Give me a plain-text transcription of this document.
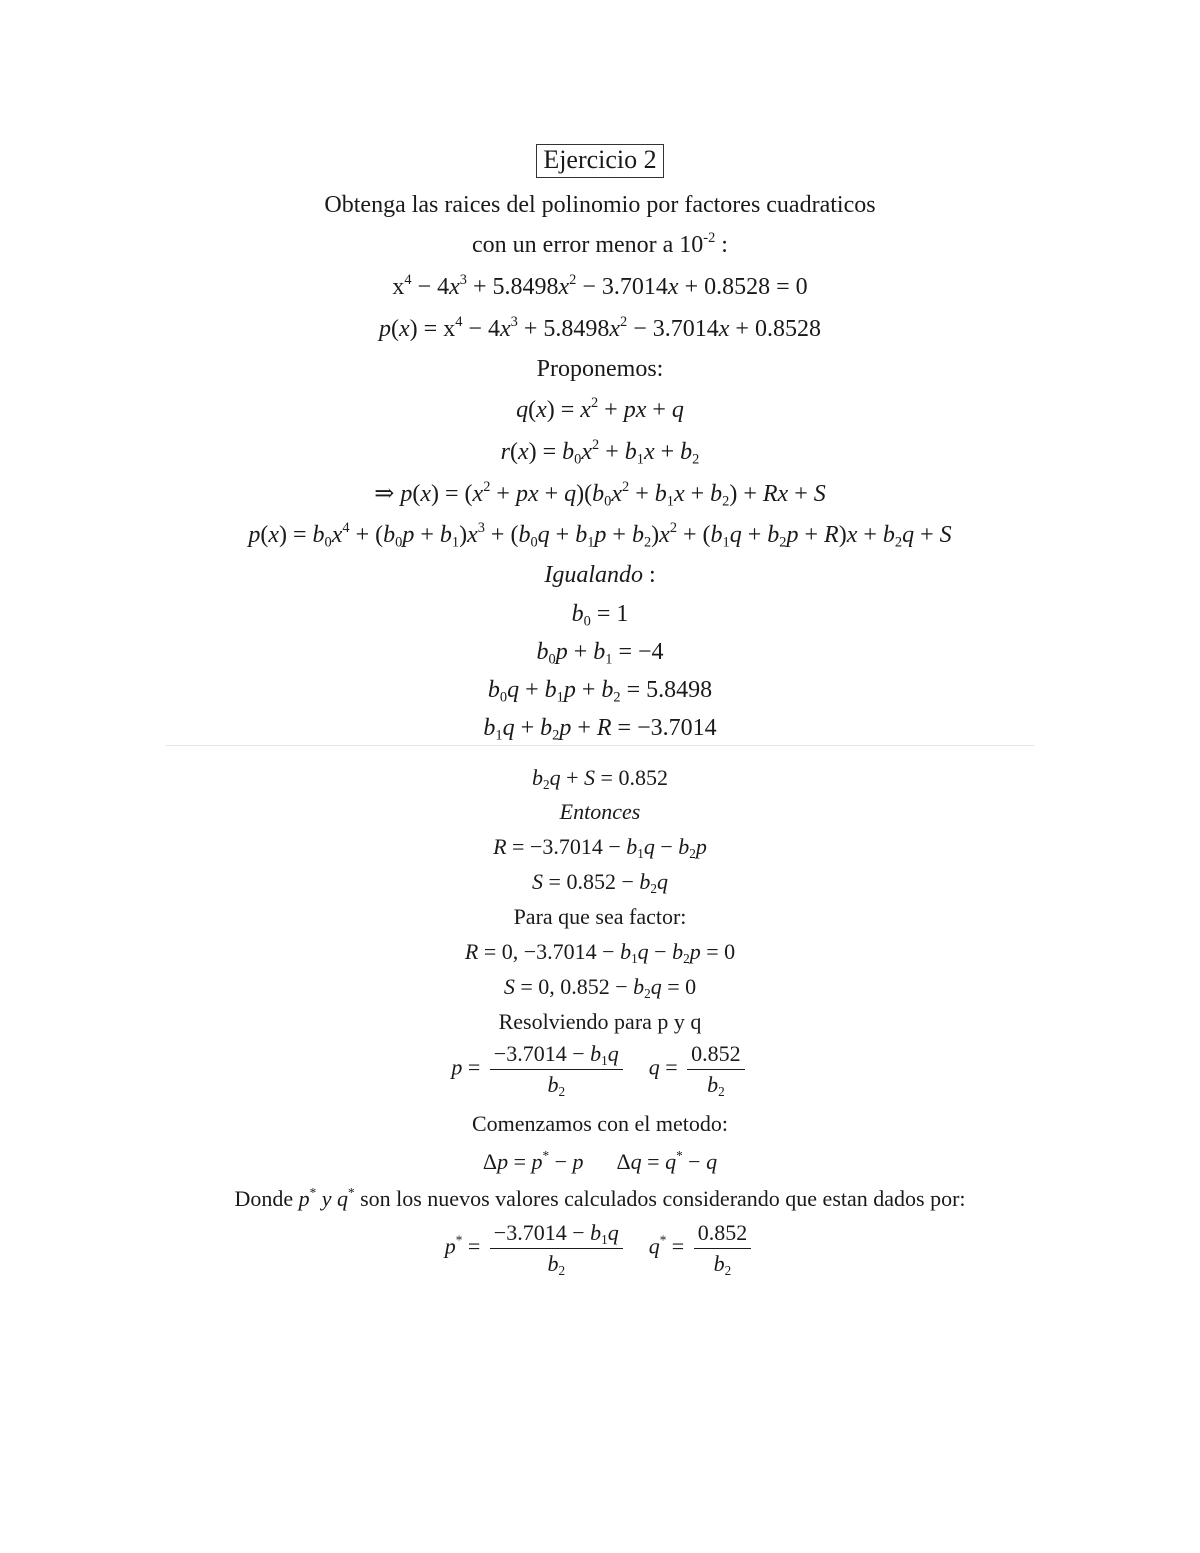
Ejercicio 2
Obtenga las raices del polinomio por factores cuadraticos
con un error menor a $10^{-2}$ :
$x^4 - 4x^3 + 5.8498x^2 - 3.7014x + 0.8528 = 0$
$p(x) = x^4 - 4x^3 + 5.8498x^2 - 3.7014x + 0.8528$
Proponemos:
$q(x) = x^2$ + px + q
$r(x) = b_0x^2 + b_1x + b_2$
⇒ $p(x) = (x^2$ + px + $q)(b_0x^2 + b_1x + b_2) + Rx + S$
$p(x) = b_0x^4 + (b_0p + b_1)x^3 + (b_0q + b_1p + b_2)x^2 + (b_1q + b_2p + R)x + b_2q + S$
Igualando :
$b_0 = 1$
$b_0p + b_1 = -4$
$b_0q + b_1p + b_2 = 5.8498$
$b_1q + b_2p + R = -3.7014$
$b_2q + S = 0.852$
Entonces
$R = -3.7014 - b_1q - b_2p$
$S = 0.852 - b_2q$
Para que sea factor:
R = 0, $-3.7014 - b_1q - b_2p = 0$
S = 0, $0.852 - b_2q = 0$
Resolviendo para p y q
$p = \frac{-3.7014 - b_1q}{b_2}$ $q = \frac{0.852}{b_2}$
Comenzamos con el metodo:
Δp = p* − p      Δq = q* − q
Donde p* y q* son los nuevos valores calculados considerando que estan dados por:
$p^* = \frac{-3.7014 - b_1q}{b_2} q^* = \frac{0.852}{b_2}$
